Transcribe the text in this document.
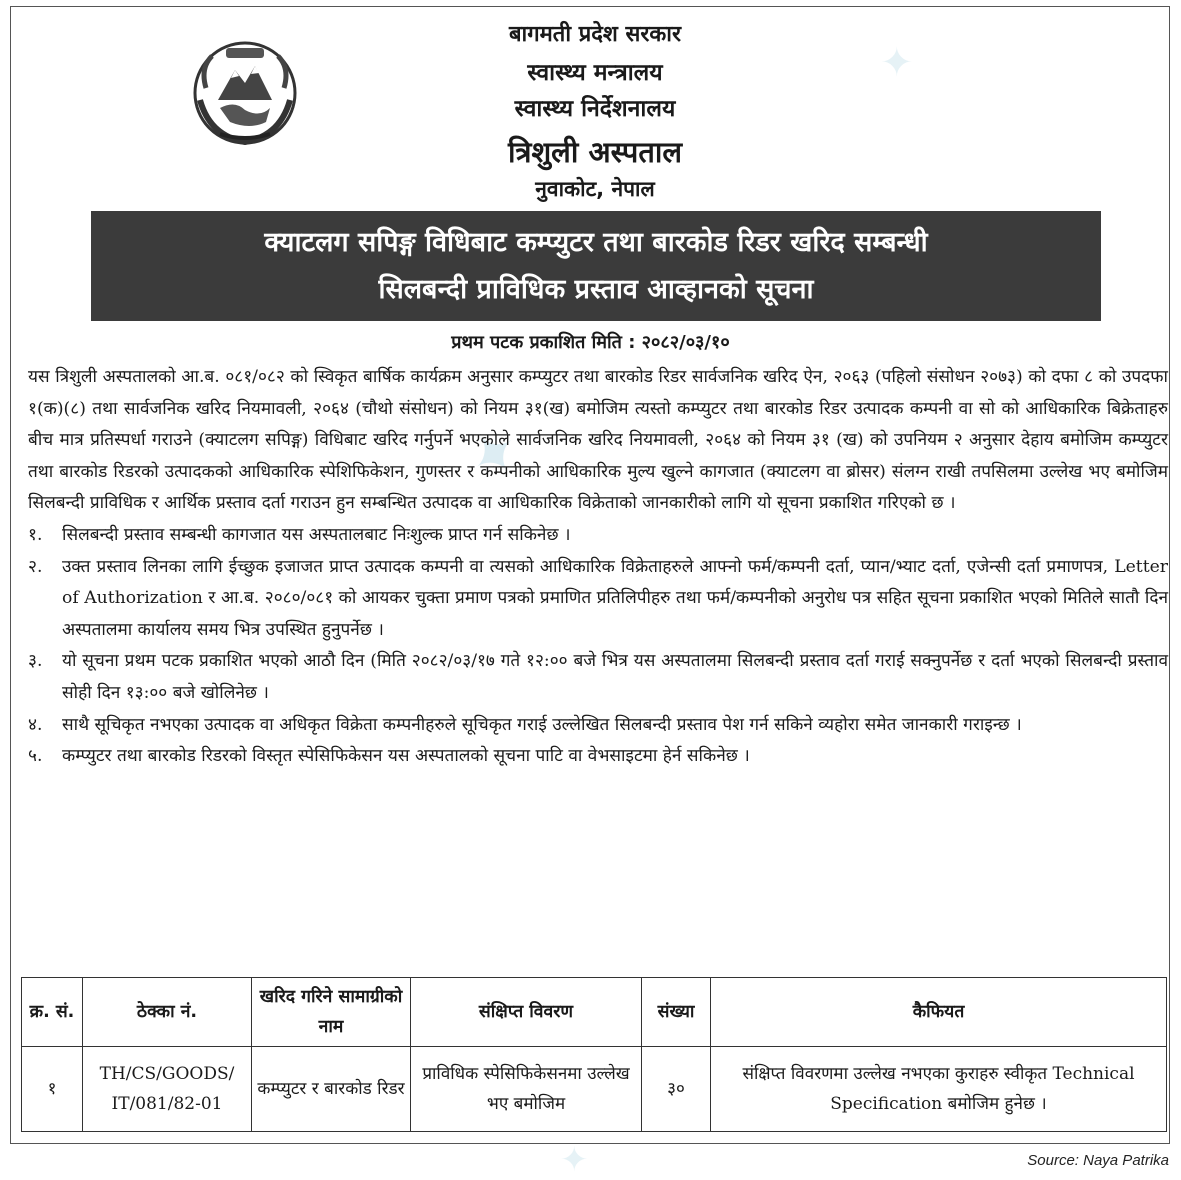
✦
✦
✦
बागमती प्रदेश सरकार
स्वास्थ्य मन्त्रालय
स्वास्थ्य निर्देशनालय
त्रिशुली अस्पताल
नुवाकोट, नेपाल
क्याटलग सपिङ्ग विधिबाट कम्प्युटर तथा बारकोड रिडर खरिद सम्बन्धी
सिलबन्दी प्राविधिक प्रस्ताव आव्हानको सूचना
प्रथम पटक प्रकाशित मिति : २०८२/०३/१०

यस त्रिशुली अस्पतालको आ.ब. ०८१/०८२ को स्विकृत बार्षिक कार्यक्रम अनुसार कम्प्युटर तथा बारकोड रिडर सार्वजनिक खरिद ऐन, २०६३ (पहिलो संसोधन २०७३) को दफा ८ को उपदफा १(क)(८) तथा सार्वजनिक खरिद नियमावली, २०६४ (चौथो संसोधन) को नियम ३१(ख) बमोजिम त्यस्तो कम्प्युटर तथा बारकोड रिडर उत्पादक कम्पनी वा सो को आधिकारिक बिक्रेताहरु बीच मात्र प्रतिस्पर्धा गराउने (क्याटलग सपिङ्ग) विधिबाट खरिद गर्नुपर्ने भएकोले सार्वजनिक खरिद नियमावली, २०६४ को नियम ३१ (ख) को उपनियम २ अनुसार देहाय बमोजिम कम्प्युटर तथा बारकोड रिडरको उत्पादकको आधिकारिक स्पेशिफिकेशन, गुणस्तर र कम्पनीको आधिकारिक मुल्य खुल्ने कागजात (क्याटलग वा ब्रोसर) संलग्न राखी तपसिलमा उल्लेख भए बमोजिम सिलबन्दी प्राविधिक र आर्थिक प्रस्ताव दर्ता गराउन हुन सम्बन्धित उत्पादक वा आधिकारिक विक्रेताको जानकारीको लागि यो सूचना प्रकाशित गरिएको छ ।

१. सिलबन्दी प्रस्ताव सम्बन्धी कागजात यस अस्पतालबाट निःशुल्क प्राप्त गर्न सकिनेछ ।
२. उक्त प्रस्ताव लिनका लागि ईच्छुक इजाजत प्राप्त उत्पादक कम्पनी वा त्यसको आधिकारिक विक्रेताहरुले आफ्नो फर्म/कम्पनी दर्ता, प्यान/भ्याट दर्ता, एजेन्सी दर्ता प्रमाणपत्र, Letter of Authorization र आ.ब. २०८०/०८१ को आयकर चुक्ता प्रमाण पत्रको प्रमाणित प्रतिलिपीहरु तथा फर्म/कम्पनीको अनुरोध पत्र सहित सूचना प्रकाशित भएको मितिले सातौ दिन अस्पतालमा कार्यालय समय भित्र उपस्थित हुनुपर्नेछ ।
३. यो सूचना प्रथम पटक प्रकाशित भएको आठौ दिन (मिति २०८२/०३/१७ गते १२:०० बजे भित्र यस अस्पतालमा सिलबन्दी प्रस्ताव दर्ता गराई सक्नुपर्नेछ र दर्ता भएको सिलबन्दी प्रस्ताव सोही दिन १३:०० बजे खोलिनेछ ।
४. साथै सूचिकृत नभएका उत्पादक वा अधिकृत विक्रेता कम्पनीहरुले सूचिकृत गराई उल्लेखित सिलबन्दी प्रस्ताव पेश गर्न सकिने व्यहोरा समेत जानकारी गराइन्छ ।
५. कम्प्युटर तथा बारकोड रिडरको विस्तृत स्पेसिफिकेसन यस अस्पतालको सूचना पाटि वा वेभसाइटमा हेर्न सकिनेछ ।
क्र. सं.	ठेक्का नं.	खरिद गरिने सामाग्रीको नाम	संक्षिप्त विवरण	संख्या	कैफियत
१	TH/CS/GOODS/ IT/081/82-01	कम्प्युटर र बारकोड रिडर	प्राविधिक स्पेसिफिकेसनमा उल्लेख भए बमोजिम	३०	संक्षिप्त विवरणमा उल्लेख नभएका कुराहरु स्वीकृत Technical Specification बमोजिम हुनेछ ।
Source: Naya Patrika
